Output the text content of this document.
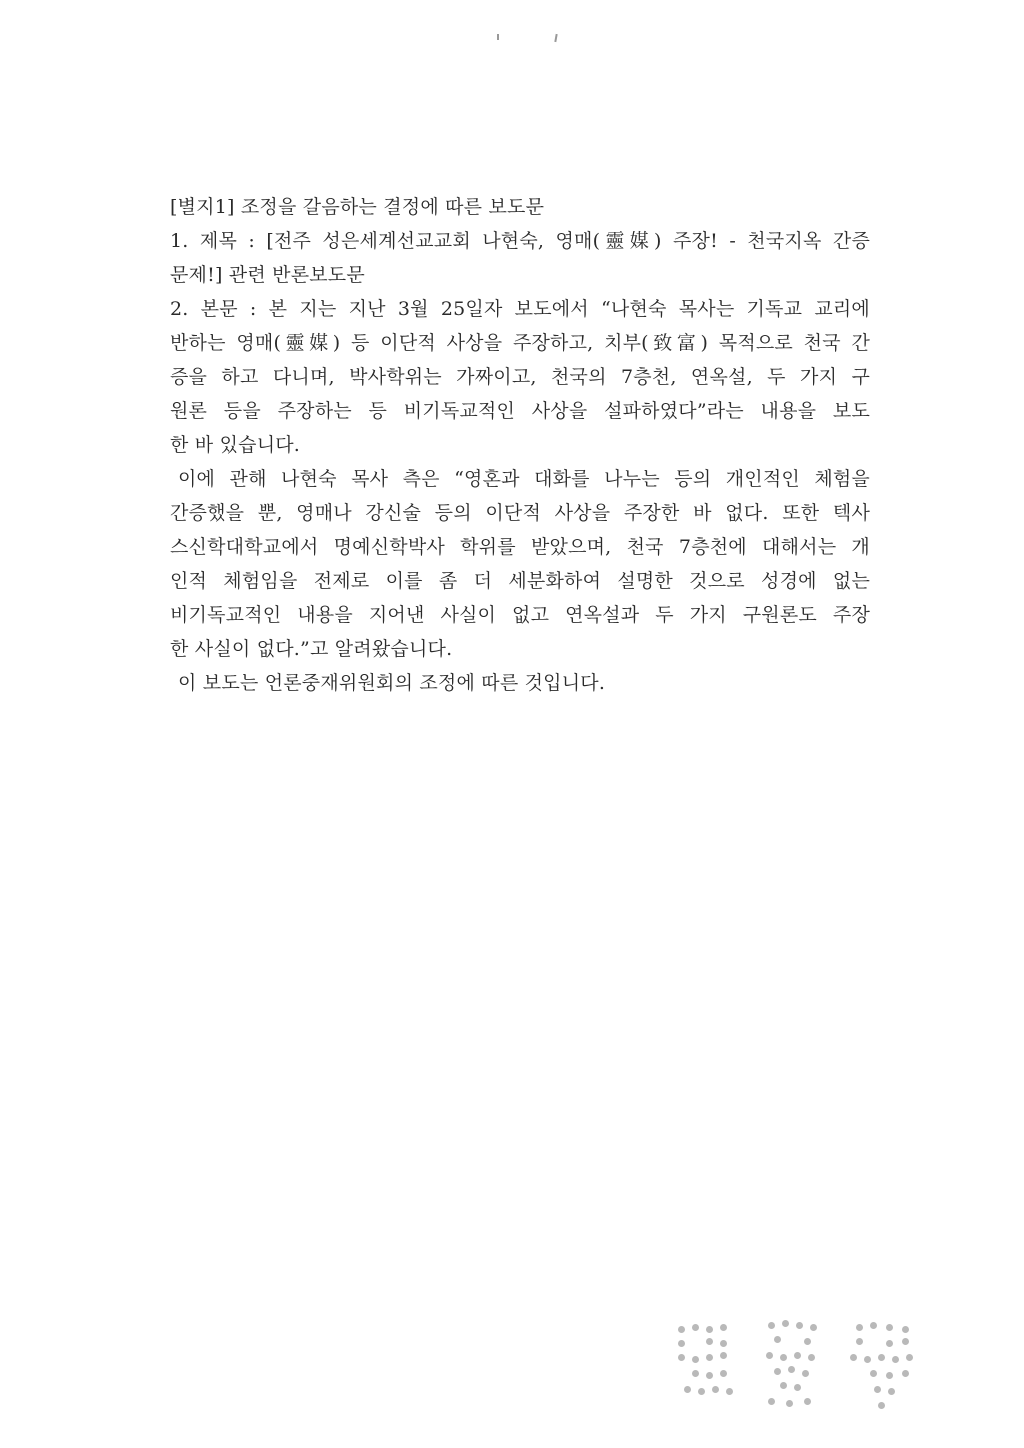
[별지1] 조정을 갈음하는 결정에 따른 보도문
1. 제목 : [전주 성은세계선교교회 나현숙, 영매(靈媒) 주장! - 천국지옥 간증
문제!] 관련 반론보도문
2. 본문 : 본 지는 지난 3월 25일자 보도에서 “나현숙 목사는 기독교 교리에
반하는 영매(靈媒) 등 이단적 사상을 주장하고, 치부(致富) 목적으로 천국 간
증을 하고 다니며, 박사학위는 가짜이고, 천국의 7층천, 연옥설, 두 가지 구
원론 등을 주장하는 등 비기독교적인 사상을 설파하였다”라는 내용을 보도
한 바 있습니다.
이에 관해 나현숙 목사 측은 “영혼과 대화를 나누는 등의 개인적인 체험을
간증했을 뿐, 영매나 강신술 등의 이단적 사상을 주장한 바 없다. 또한 텍사
스신학대학교에서 명예신학박사 학위를 받았으며, 천국 7층천에 대해서는 개
인적 체험임을 전제로 이를 좀 더 세분화하여 설명한 것으로 성경에 없는
비기독교적인 내용을 지어낸 사실이 없고 연옥설과 두 가지 구원론도 주장
한 사실이 없다.”고 알려왔습니다.
이 보도는 언론중재위원회의 조정에 따른 것입니다.
